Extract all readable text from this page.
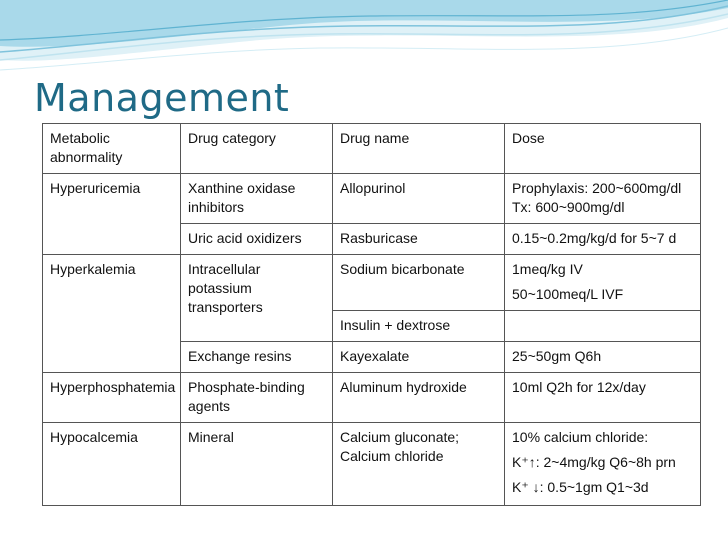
Management
Metabolic abnormality	Drug category	Drug name	Dose
Hyperuricemia	Xanthine oxidase inhibitors	Allopurinol	Prophylaxis: 200~600mg/dl
Tx: 600~900mg/dl

	Uric acid oxidizers	Rasburicase	0.15~0.2mg/kg/d for 5~7 d

Hyperkalemia	Intracellular potassium transporters	Sodium bicarbonate	1meq/kg IV
50~100meq/L IVF

		Insulin + dextrose	
	Exchange resins	Kayexalate	25~50gm Q6h
Hyperphosphatemia	Phosphate-binding agents	Aluminum hydroxide	10ml Q2h for 12x/day
Hypocalcemia	Mineral	Calcium gluconate; Calcium chloride	10% calcium chloride:
K⁺↑: 2~4mg/kg Q6~8h prn
K⁺ ↓: 0.5~1gm Q1~3d
